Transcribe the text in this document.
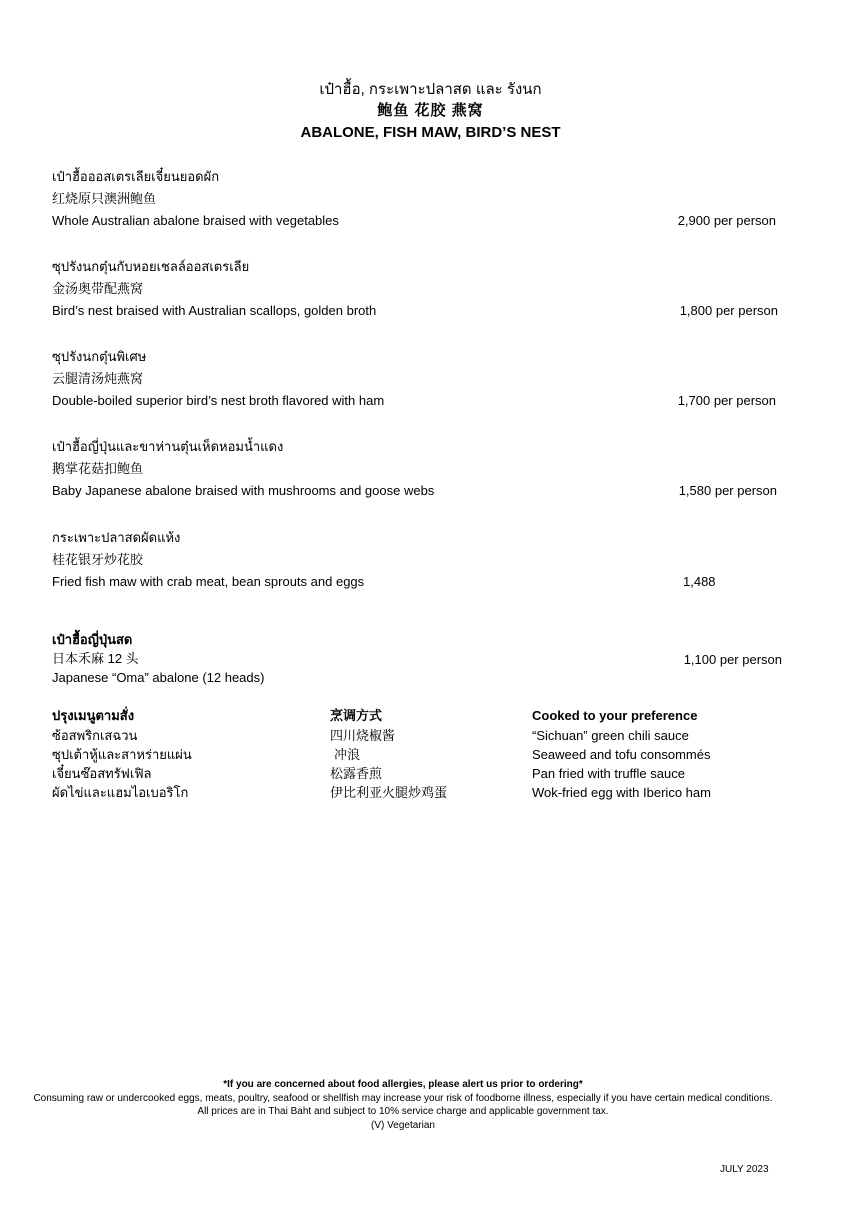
เป๋าฮื้อ, กระเพาะปลาสด และ รังนก
鲍鱼 花胶 燕窝
ABALONE, FISH MAW, BIRD’S NEST
เป๋าฮื้อออสเตรเลียเจี๋ยนยอดผัก
红烧原只澳洲鲍鱼
Whole Australian abalone braised with vegetables	2,900 per person
ซุปรังนกตุ๋นกับหอยเชลล์ออสเตรเลีย
金汤奥带配燕窝
Bird’s nest braised with Australian scallops, golden broth	1,800 per person
ซุปรังนกตุ๋นพิเศษ
云腿清汤炖燕窝
Double-boiled superior bird’s nest broth flavored with ham	1,700 per person
เป๋าฮื้อญี่ปุ่นและขาห่านตุ๋นเห็ดหอมน้ำแดง
鹅掌花菇扣鲍鱼
Baby Japanese abalone braised with mushrooms and goose webs	1,580 per person
กระเพาะปลาสดผัดแห้ง
桂花银牙炒花胶
Fried fish maw with crab meat, bean sprouts and eggs	1,488
เป๋าฮื้อญี่ปุ่นสด
日本禾麻 12 头
Japanese “Oma” abalone (12 heads)
1,100 per person
ปรุงเมนูตามสั่ง	烹调方式	Cooked to your preference
ซ้อสพริกเสฉวน	四川烧椒酱	“Sichuan” green chili sauce
ซุปเต้าหู้และสาหร่ายแผ่น	冲浪	Seaweed and tofu consommés
เจี๋ยนซ๊อสทรัฟเฟิล	松露香煎	Pan fried with truffle sauce
ผัดไข่และแฮมไอเบอริโก	伊比利亚火腿炒鸡蛋	Wok-fried egg with Iberico ham
*If you are concerned about food allergies, please alert us prior to ordering*
Consuming raw or undercooked eggs, meats, poultry, seafood or shellfish may increase your risk of foodborne illness, especially if you have certain medical conditions.
All prices are in Thai Baht and subject to 10% service charge and applicable government tax.
(V) Vegetarian
JULY 2023
